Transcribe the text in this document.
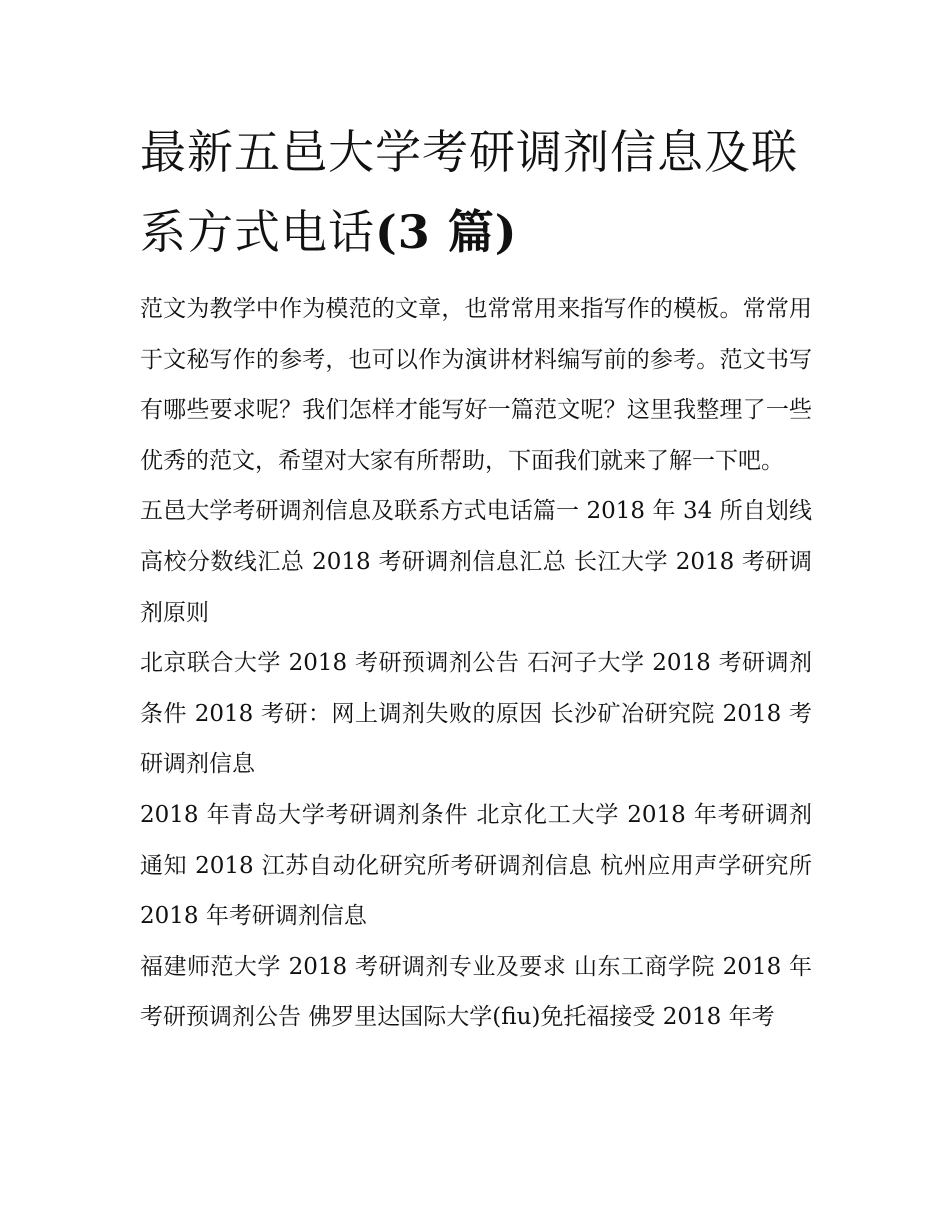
最新五邑大学考研调剂信息及联系方式电话(3 篇)

范文为教学中作为模范的文章，也常常用来指写作的模板。常常用于文秘写作的参考，也可以作为演讲材料编写前的参考。范文书写有哪些要求呢？我们怎样才能写好一篇范文呢？这里我整理了一些优秀的范文，希望对大家有所帮助，下面我们就来了解一下吧。

五邑大学考研调剂信息及联系方式电话篇一 2018 年 34 所自划线高校分数线汇总 2018 考研调剂信息汇总 长江大学 2018 考研调剂原则

北京联合大学 2018 考研预调剂公告 石河子大学 2018 考研调剂条件 2018 考研：网上调剂失败的原因 长沙矿冶研究院 2018 考研调剂信息

2018 年青岛大学考研调剂条件 北京化工大学 2018 年考研调剂通知 2018 江苏自动化研究所考研调剂信息 杭州应用声学研究所 2018 年考研调剂信息

福建师范大学 2018 考研调剂专业及要求 山东工商学院 2018 年考研预调剂公告 佛罗里达国际大学(fiu)免托福接受 2018 年考
